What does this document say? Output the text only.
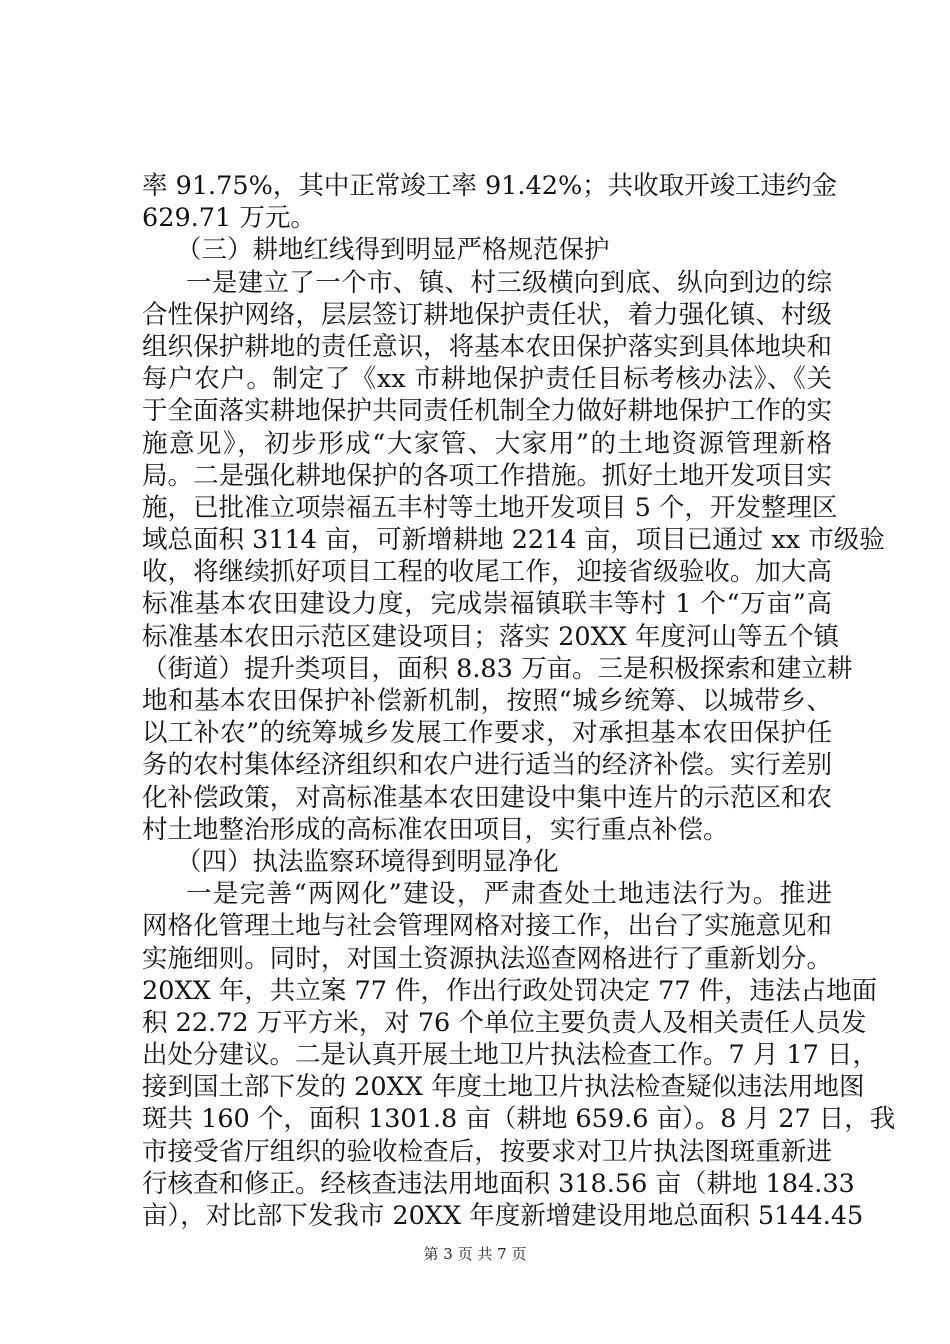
率 91.75%，其中正常竣工率 91.42%；共收取开竣工违约金
629.71 万元。
（三）耕地红线得到明显严格规范保护
一是建立了一个市、镇、村三级横向到底、纵向到边的综
合性保护网络，层层签订耕地保护责任状，着力强化镇、村级
组织保护耕地的责任意识，将基本农田保护落实到具体地块和
每户农户。制定了《xx 市耕地保护责任目标考核办法》、《关
于全面落实耕地保护共同责任机制全力做好耕地保护工作的实
施意见》，初步形成“大家管、大家用”的土地资源管理新格
局。二是强化耕地保护的各项工作措施。抓好土地开发项目实
施，已批准立项崇福五丰村等土地开发项目 5 个，开发整理区
域总面积 3114 亩，可新增耕地 2214 亩，项目已通过 xx 市级验
收，将继续抓好项目工程的收尾工作，迎接省级验收。加大高
标准基本农田建设力度，完成崇福镇联丰等村 1 个“万亩”高
标准基本农田示范区建设项目；落实 20XX 年度河山等五个镇
（街道）提升类项目，面积 8.83 万亩。三是积极探索和建立耕
地和基本农田保护补偿新机制，按照“城乡统筹、以城带乡、
以工补农”的统筹城乡发展工作要求，对承担基本农田保护任
务的农村集体经济组织和农户进行适当的经济补偿。实行差别
化补偿政策，对高标准基本农田建设中集中连片的示范区和农
村土地整治形成的高标准农田项目，实行重点补偿。
（四）执法监察环境得到明显净化
一是完善“两网化”建设，严肃查处土地违法行为。推进
网格化管理土地与社会管理网格对接工作，出台了实施意见和
实施细则。同时，对国土资源执法巡查网格进行了重新划分。
20XX 年，共立案 77 件，作出行政处罚决定 77 件，违法占地面
积 22.72 万平方米，对 76 个单位主要负责人及相关责任人员发
出处分建议。二是认真开展土地卫片执法检查工作。7 月 17 日，
接到国土部下发的 20XX 年度土地卫片执法检查疑似违法用地图
斑共 160 个，面积 1301.8 亩（耕地 659.6 亩）。8 月 27 日，我
市接受省厅组织的验收检查后，按要求对卫片执法图斑重新进
行核查和修正。经核查违法用地面积 318.56 亩（耕地 184.33
亩），对比部下发我市 20XX 年度新增建设用地总面积 5144.45
第 3 页 共 7 页
